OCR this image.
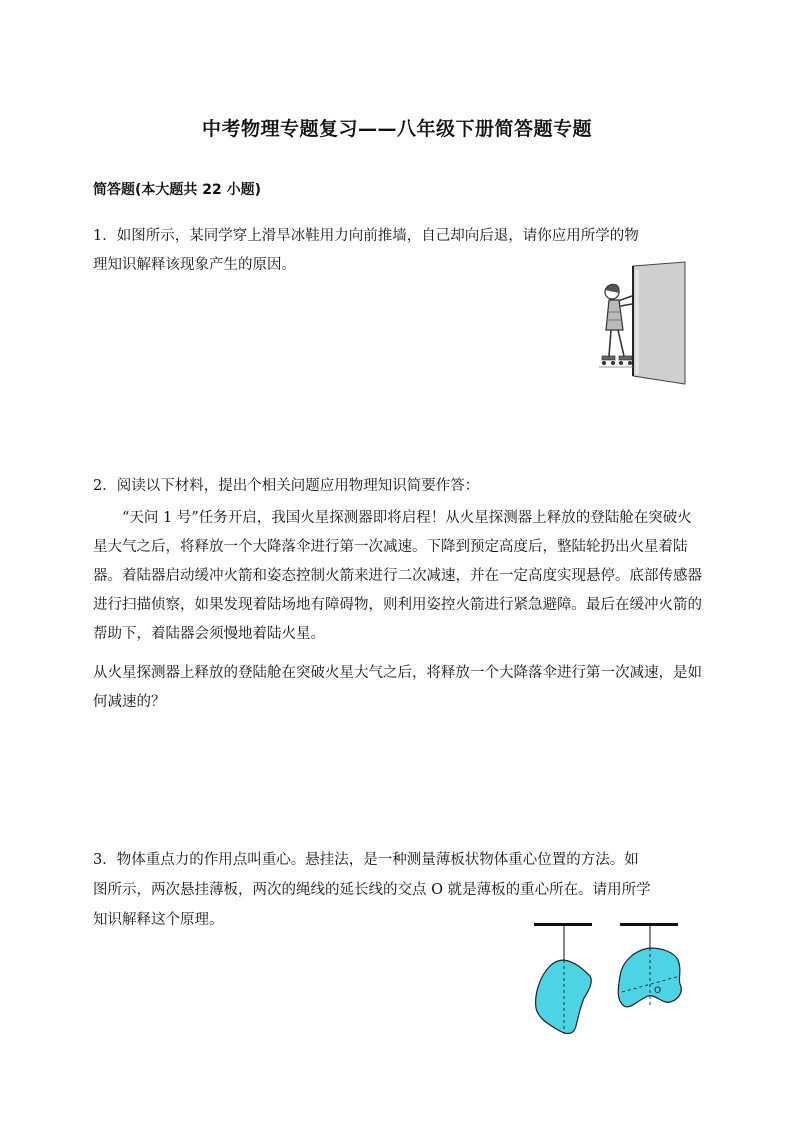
中考物理专题复习——八年级下册简答题专题
简答题(本大题共 22 小题)

1．如图所示，某同学穿上滑旱冰鞋用力向前推墙，自己却向后退，请你应用所学的物

理知识解释该现象产生的原因。

2．阅读以下材料，提出个相关问题应用物理知识简要作答：

“天问 1 号”任务开启，我国火星探测器即将启程！从火星探测器上释放的登陆舱在突破火星大气之后，将释放一个大降落伞进行第一次减速。下降到预定高度后，整陆轮扔出火星着陆器。着陆器启动缓冲火箭和姿态控制火箭来进行二次减速，并在一定高度实现悬停。底部传感器进行扫描侦察，如果发现着陆场地有障碍物，则利用姿控火箭进行紧急避障。最后在缓冲火箭的帮助下，着陆器会须慢地着陆火星。

从火星探测器上释放的登陆舱在突破火星大气之后，将释放一个大降落伞进行第一次减速，是如何减速的？

3．物体重点力的作用点叫重心。悬挂法，是一种测量薄板状物体重心位置的方法。如

图所示，两次悬挂薄板，两次的绳线的延长线的交点 O 就是薄板的重心所在。请用所学

知识解释这个原理。

O
